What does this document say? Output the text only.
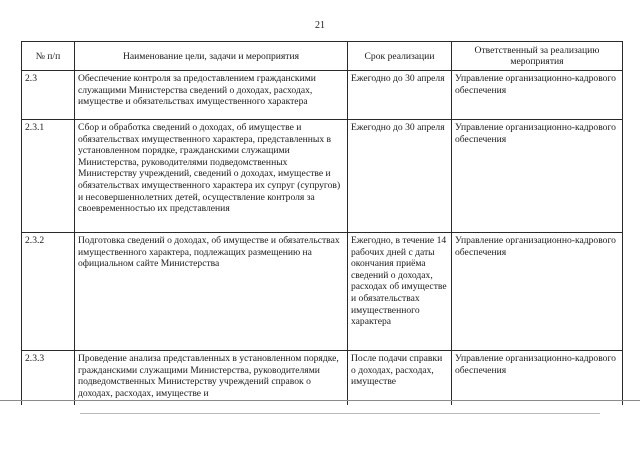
21
№ п/п	Наименование цели, задачи и мероприятия	Срок реализации	Ответственный за реализацию мероприятия
2.3	Обеспечение контроля за предоставлением гражданскими служащими Министерства сведений о доходах, расходах, имуществе и обязательствах имущественного характера	Ежегодно до 30 апреля	Управление организационно-кадрового обеспечения
2.3.1	Сбор и обработка сведений о доходах, об имуществе и обязательствах имущественного характера, представленных в установленном порядке, гражданскими служащими Министерства, руководителями подведомственных Министерству учреждений, сведений о доходах, имуществе и обязательствах имущественного характера их супруг (супругов) и несовершеннолетних детей, осуществление контроля за своевременностью их представления	Ежегодно до 30 апреля	Управление организационно-кадрового обеспечения
2.3.2	Подготовка сведений о доходах, об имуществе и обязательствах имущественного характера, подлежащих размещению на официальном сайте Министерства	Ежегодно, в течение 14 рабочих дней с даты окончания приёма сведений о доходах, расходах об имуществе и обязательствах имущественного характера	Управление организационно-кадрового обеспечения
2.3.3	Проведение анализа представленных в установленном порядке, гражданскими служащими Министерства, руководителями подведомственных Министерству учреждений справок о доходах, расходах, имуществе и	После подачи справки о доходах, расходах, имуществе	Управление организационно-кадрового обеспечения
